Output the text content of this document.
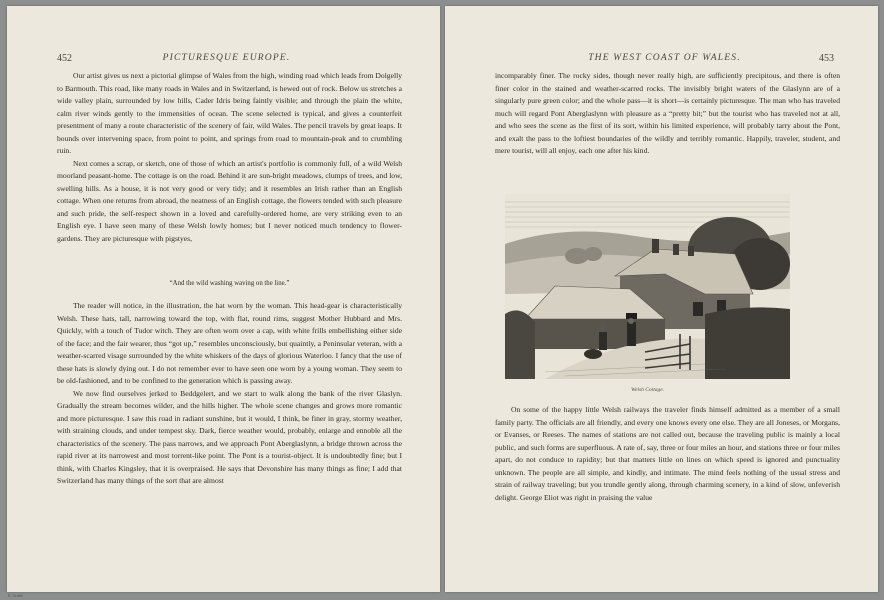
452	PICTURESQUE EUROPE.

Our artist gives us next a pictorial glimpse of Wales from the high, winding road which leads from Dolgelly to Barmouth. This road, like many roads in Wales and in Switzerland, is hewed out of rock. Below us stretches a wide valley plain, surrounded by low hills, Cader Idris being faintly visible; and through the plain the white, calm river winds gently to the immensities of ocean. The scene selected is typical, and gives a counterfeit presentment of many a route characteristic of the scenery of fair, wild Wales. The pencil travels by great leaps. It bounds over intervening space, from point to point, and springs from road to mountain-peak and to crumbling ruin.

Next comes a scrap, or sketch, one of those of which an artist's portfolio is commonly full, of a wild Welsh moorland peasant-home. The cottage is on the road. Behind it are sun-bright meadows, clumps of trees, and low, swelling hills. As a house, it is not very good or very tidy; and it resembles an Irish rather than an English cottage. When one returns from abroad, the neatness of an English cottage, the flowers tended with such pleasure and such pride, the self-respect shown in a loved and carefully-ordered home, are very striking even to an English eye. I have seen many of these Welsh lowly homes; but I never noticed much tendency to flower-gardens. They are picturesque with pigstyes,

“And the wild washing waving on the line.”

The reader will notice, in the illustration, the hat worn by the woman. This head-gear is characteristically Welsh. These hats, tall, narrowing toward the top, with flat, round rims, suggest Mother Hubbard and Mrs. Quickly, with a touch of Tudor witch. They are often worn over a cap, with white frills embellishing either side of the face; and the fair wearer, thus “got up,” resembles unconsciously, but quaintly, a Peninsular veteran, with a weather-scarred visage surrounded by the white whiskers of the days of glorious Waterloo. I fancy that the use of these hats is slowly dying out. I do not remember ever to have seen one worn by a young woman. They seem to be old-fashioned, and to be confined to the generation which is passing away.

We now find ourselves jerked to Beddgelert, and we start to walk along the bank of the river Glaslyn. Gradually the stream becomes wilder, and the hills higher. The whole scene changes and grows more romantic and more picturesque. I saw this road in radiant sunshine, but it would, I think, be finer in gray, stormy weather, with straining clouds, and under tempest sky. Dark, fierce weather would, probably, enlarge and ennoble all the characteristics of the scenery. The pass narrows, and we approach Pont Aberglaslynn, a bridge thrown across the rapid river at its narrowest and most torrent-like point. The Pont is a tourist-object. It is undoubtedly fine; but I think, with Charles Kingsley, that it is overpraised. He says that Devonshire has many things as fine; I add that Switzerland has many things of the sort that are almost

THE WEST COAST OF WALES.	453

incomparably finer. The rocky sides, though never really high, are sufficiently precipitous, and there is often finer color in the stained and weather-scarred rocks. The invisibly bright waters of the Glaslynn are of a singularly pure green color; and the whole pass—it is short—is certainly picturesque. The man who has traveled much will regard Pont Aberglaslynn with pleasure as a “pretty bit;” but the tourist who has traveled not at all, and who sees the scene as the first of its sort, within his limited experience, will probably tarry about the Pont, and exalt the pass to the loftiest boundaries of the wildly and terribly romantic. Happily, traveler, student, and mere tourist, will all enjoy, each one after his kind.

Welsh Cottage.

On some of the happy little Welsh railways the traveler finds himself admitted as a member of a small family party. The officials are all friendly, and every one knows every one else. They are all Joneses, or Morgans, or Evanses, or Reeses. The names of stations are not called out, because the traveling public is mainly a local public, and such forms are superfluous. A rate of, say, three or four miles an hour, and stations three or four miles apart, do not conduce to rapidity; but that matters little on lines on which speed is ignored and punctuality unknown. The people are all simple, and kindly, and intimate. The mind feels nothing of the usual stress and strain of railway traveling; but you trundle gently along, through charming scenery, in a kind of slow, unfeverish delight. George Eliot was right in praising the value

E. Grubb
